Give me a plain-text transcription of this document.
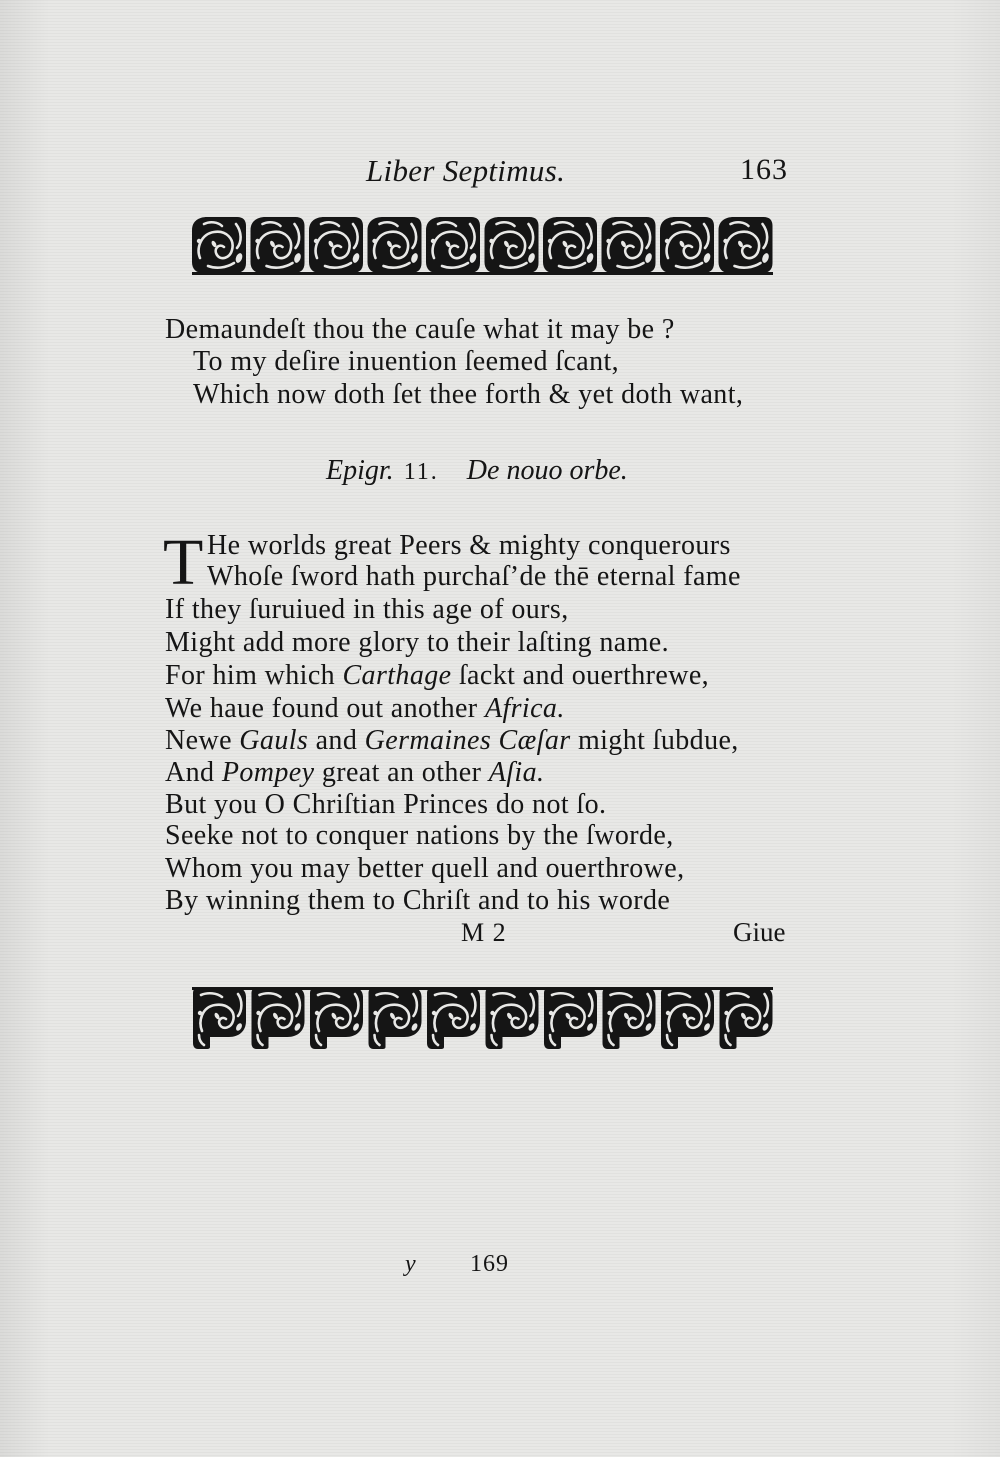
Liber Septimus.	163
Demaundeſt thou the cauſe what it may be ?
To my deſire inuention ſeemed ſcant,
Which now doth ſet thee forth & yet doth want,
Epigr. 11. De nouo orbe.
T He worlds great Peers & mighty conquerours
Whoſe ſword hath purchaſ’de thē eternal fame
If they ſuruiued in this age of ours,
Might add more glory to their laſting name.
For him which Carthage ſackt and ouerthrewe,
We haue found out another Africa.
Newe Gauls and Germaines Cæſar might ſubdue,
And Pompey great an other Aſia.
But you O Chriſtian Princes do not ſo.
Seeke not to conquer nations by the ſworde,
Whom you may better quell and ouerthrowe,
By winning them to Chriſt and to his worde
M 2	Giue
y 169
